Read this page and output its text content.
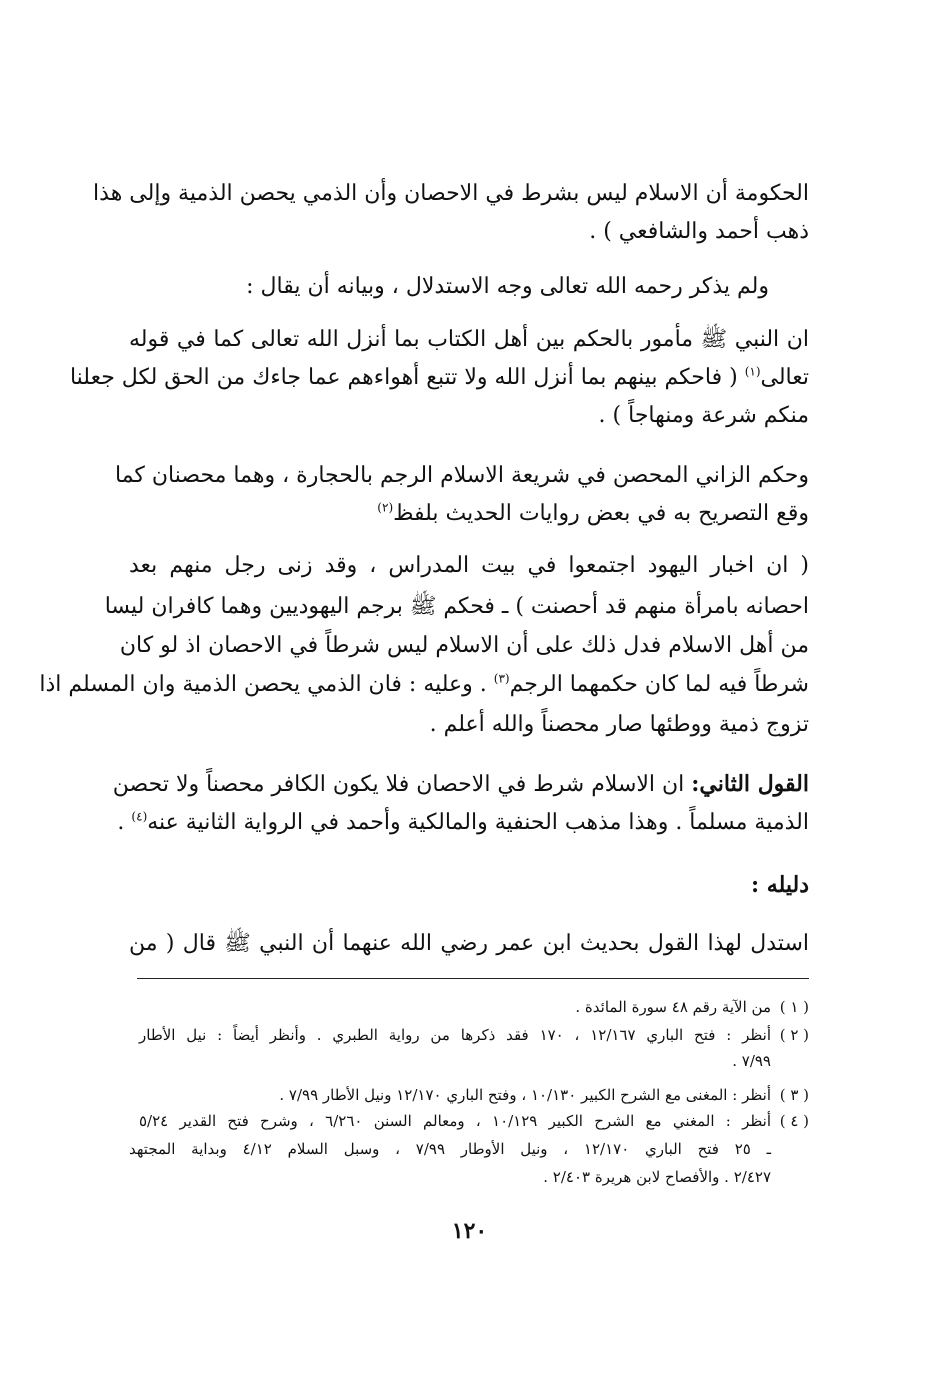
الحكومة أن الاسلام ليس بشرط في الاحصان وأن الذمي يحصن الذمية وإلى هذا
ذهب أحمد والشافعي ) .
ولم يذكر رحمه الله تعالى وجه الاستدلال ، وبيانه أن يقال :
ان النبي ﷺ مأمور بالحكم بين أهل الكتاب بما أنزل الله تعالى كما في قوله
تعالى$^{(١)}$ ( فاحكم بينهم بما أنزل الله ولا تتبع أهواءهم عما جاءك من الحق لكل جعلنا
منكم شرعة ومنهاجاً ) .
وحكم الزاني المحصن في شريعة الاسلام الرجم بالحجارة ، وهما محصنان كما
وقع التصريح به في بعض روايات الحديث بلفظ$^{(٢)}$
( ان اخبار اليهود اجتمعوا في بيت المدراس ، وقد زنى رجل منهم بعد
احصانه بامرأة منهم قد أحصنت ) ـ فحكم ﷺ برجم اليهوديين وهما كافران ليسا
من أهل الاسلام فدل ذلك على أن الاسلام ليس شرطاً في الاحصان اذ لو كان
شرطاً فيه لما كان حكمهما الرجم$^{(٣)}$ . وعليه : فان الذمي يحصن الذمية وان المسلم اذا
تزوج ذمية ووطئها صار محصناً والله أعلم .
القول الثاني: ان الاسلام شرط في الاحصان فلا يكون الكافر محصناً ولا تحصن
الذمية مسلماً . وهذا مذهب الحنفية والمالكية وأحمد في الرواية الثانية عنه$^{(٤)}$ .
دليله :
استدل لهذا القول بحديث ابن عمر رضي الله عنهما أن النبي ﷺ قال ( من
( ١ )من الآية رقم ٤٨ سورة المائدة .
( ٢ )أنظر : فتح الباري ١٢/١٦٧ ، ١٧٠ فقد ذكرها من رواية الطبري . وأنظر أيضاً : نيل الأطار
٧/٩٩ .
( ٣ )أنظر : المغنى مع الشرح الكبير ١٠/١٣٠ ، وفتح الباري ١٢/١٧٠ ونيل الأطار ٧/٩٩ .
( ٤ )أنظر : المغني مع الشرح الكبير ١٠/١٢٩ ، ومعالم السنن ٦/٢٦٠ ، وشرح فتح القدير ٥/٢٤
ـ ٢٥ فتح الباري ١٢/١٧٠ ، ونيل الأوطار ٧/٩٩ ، وسبل السلام ٤/١٢ وبداية المجتهد
٢/٤٢٧ . والأفصاح لابن هريرة ٢/٤٠٣ .
١٢٠
